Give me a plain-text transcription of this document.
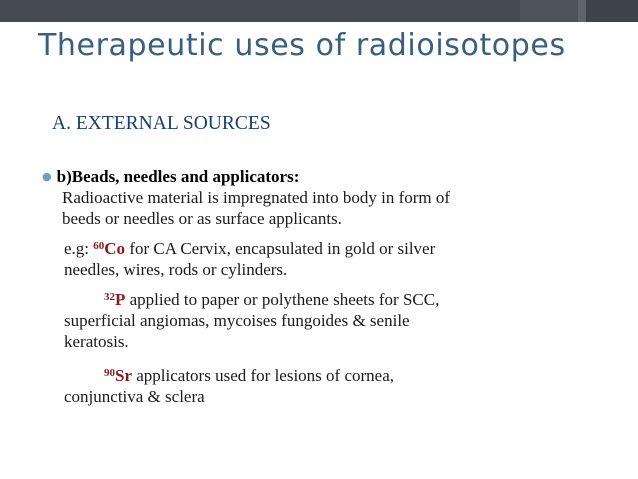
Therapeutic uses of radioisotopes
A. EXTERNAL SOURCES
● b)Beads, needles and applicators:
Radioactive material is impregnated into body in form of
beeds or needles or as surface applicants.
e.g: $^{60}$Co for CA Cervix, encapsulated in gold or silver
needles, wires, rods or cylinders.
$^{32}$P applied to paper or polythene sheets for SCC,
superficial angiomas, mycoises fungoides & senile
keratosis.
$^{90}$Sr applicators used for lesions of cornea,
conjunctiva & sclera
